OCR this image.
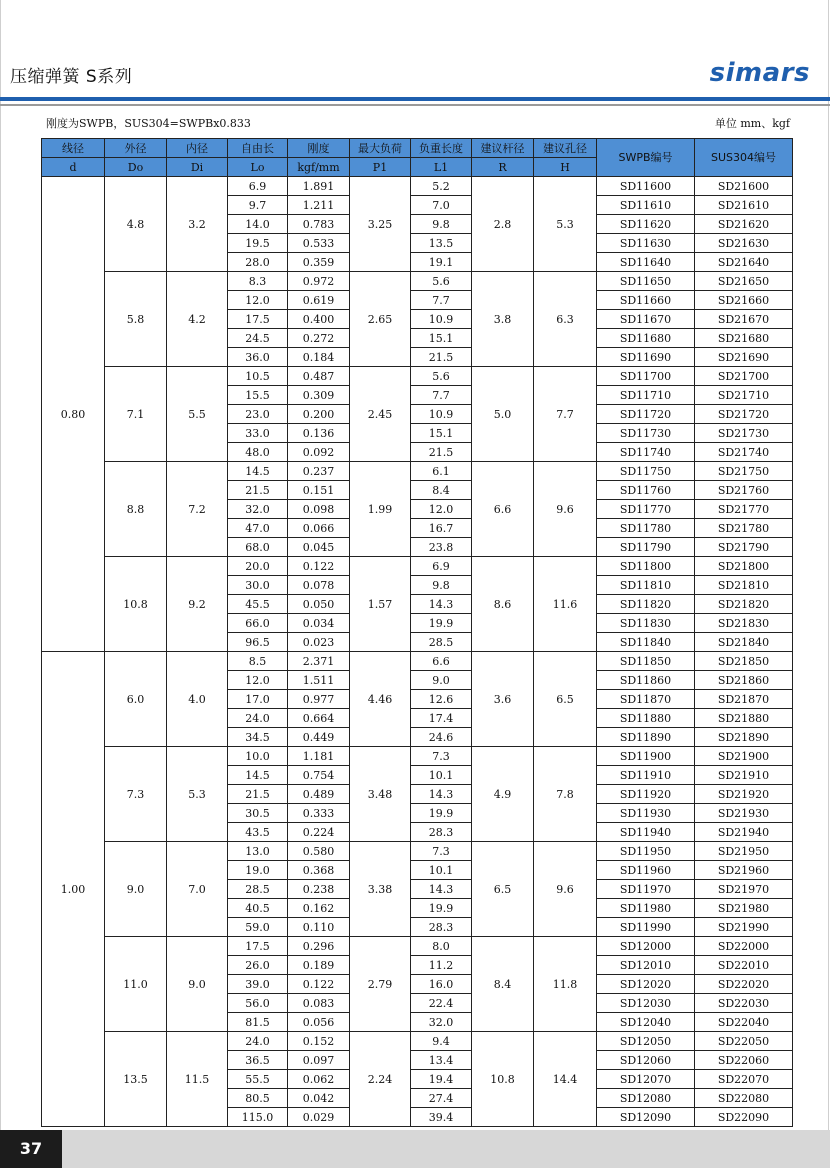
压缩弹簧 S系列	simars
刚度为SWPB，SUS304=SWPBx0.833	单位 mm、kgf
线径	外径	内径	自由长	刚度	最大负荷	负重长度	建议杆径	建议孔径	SWPB编号	SUS304编号
d	Do	Di	Lo	kgf/mm	P1	L1	R	H		
0.80	4.8	3.2	6.9	1.891	3.25	5.2	2.8	5.3	SD11600	SD21600
			9.7	1.211		7.0			SD11610	SD21610
			14.0	0.783		9.8			SD11620	SD21620
			19.5	0.533		13.5			SD11630	SD21630
			28.0	0.359		19.1			SD11640	SD21640
	5.8	4.2	8.3	0.972	2.65	5.6	3.8	6.3	SD11650	SD21650
			12.0	0.619		7.7			SD11660	SD21660
			17.5	0.400		10.9			SD11670	SD21670
			24.5	0.272		15.1			SD11680	SD21680
			36.0	0.184		21.5			SD11690	SD21690
	7.1	5.5	10.5	0.487	2.45	5.6	5.0	7.7	SD11700	SD21700
			15.5	0.309		7.7			SD11710	SD21710
			23.0	0.200		10.9			SD11720	SD21720
			33.0	0.136		15.1			SD11730	SD21730
			48.0	0.092		21.5			SD11740	SD21740
	8.8	7.2	14.5	0.237	1.99	6.1	6.6	9.6	SD11750	SD21750
			21.5	0.151		8.4			SD11760	SD21760
			32.0	0.098		12.0			SD11770	SD21770
			47.0	0.066		16.7			SD11780	SD21780
			68.0	0.045		23.8			SD11790	SD21790
	10.8	9.2	20.0	0.122	1.57	6.9	8.6	11.6	SD11800	SD21800
			30.0	0.078		9.8			SD11810	SD21810
			45.5	0.050		14.3			SD11820	SD21820
			66.0	0.034		19.9			SD11830	SD21830
			96.5	0.023		28.5			SD11840	SD21840
1.00	6.0	4.0	8.5	2.371	4.46	6.6	3.6	6.5	SD11850	SD21850
			12.0	1.511		9.0			SD11860	SD21860
			17.0	0.977		12.6			SD11870	SD21870
			24.0	0.664		17.4			SD11880	SD21880
			34.5	0.449		24.6			SD11890	SD21890
	7.3	5.3	10.0	1.181	3.48	7.3	4.9	7.8	SD11900	SD21900
			14.5	0.754		10.1			SD11910	SD21910
			21.5	0.489		14.3			SD11920	SD21920
			30.5	0.333		19.9			SD11930	SD21930
			43.5	0.224		28.3			SD11940	SD21940
	9.0	7.0	13.0	0.580	3.38	7.3	6.5	9.6	SD11950	SD21950
			19.0	0.368		10.1			SD11960	SD21960
			28.5	0.238		14.3			SD11970	SD21970
			40.5	0.162		19.9			SD11980	SD21980
			59.0	0.110		28.3			SD11990	SD21990
	11.0	9.0	17.5	0.296	2.79	8.0	8.4	11.8	SD12000	SD22000
			26.0	0.189		11.2			SD12010	SD22010
			39.0	0.122		16.0			SD12020	SD22020
			56.0	0.083		22.4			SD12030	SD22030
			81.5	0.056		32.0			SD12040	SD22040
	13.5	11.5	24.0	0.152	2.24	9.4	10.8	14.4	SD12050	SD22050
			36.5	0.097		13.4			SD12060	SD22060
			55.5	0.062		19.4			SD12070	SD22070
			80.5	0.042		27.4			SD12080	SD22080
			115.0	0.029		39.4			SD12090	SD22090
37
